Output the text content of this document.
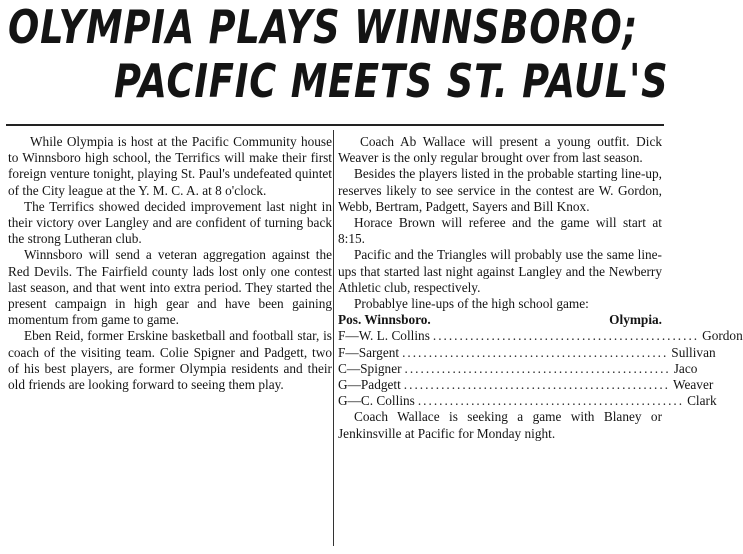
OLYMPIA PLAYS WINNSBORO;
PACIFIC MEETS ST. PAUL'S

While Olympia is host at the Pacific Community house to Winnsboro high school, the Terrifics will make their first foreign venture tonight, playing St. Paul's undefeated quintet of the City league at the Y. M. C. A. at 8 o'clock.

The Terrifics showed decided improvement last night in their victory over Langley and are confident of turning back the strong Lutheran club.

Winnsboro will send a veteran aggregation against the Red Devils. The Fairfield county lads lost only one contest last season, and that went into extra period. They started the present campaign in high gear and have been gaining momentum from game to game.

Eben Reid, former Erskine basketball and football star, is coach of the visiting team. Colie Spigner and Padgett, two of his best players, are former Olympia residents and their old friends are looking forward to seeing them play.

Coach Ab Wallace will present a young outfit. Dick Weaver is the only regular brought over from last season.

Besides the players listed in the probable starting line-up, reserves likely to see service in the contest are W. Gordon, Webb, Bertram, Padgett, Sayers and Bill Knox.

Horace Brown will referee and the game will start at 8:15.

Pacific and the Triangles will probably use the same line-ups that started last night against Langley and the Newberry Athletic club, respectively.

Probablye line-ups of the high school game:

Pos. Winnsboro.	Olympia.
F—W. L. Collins .................................................. Gordon
F—Sargent .................................................. Sullivan
C—Spigner .................................................. Jaco
G—Padgett .................................................. Weaver
G—C. Collins .................................................. Clark

Coach Wallace is seeking a game with Blaney or Jenkinsville at Pacific for Monday night.
